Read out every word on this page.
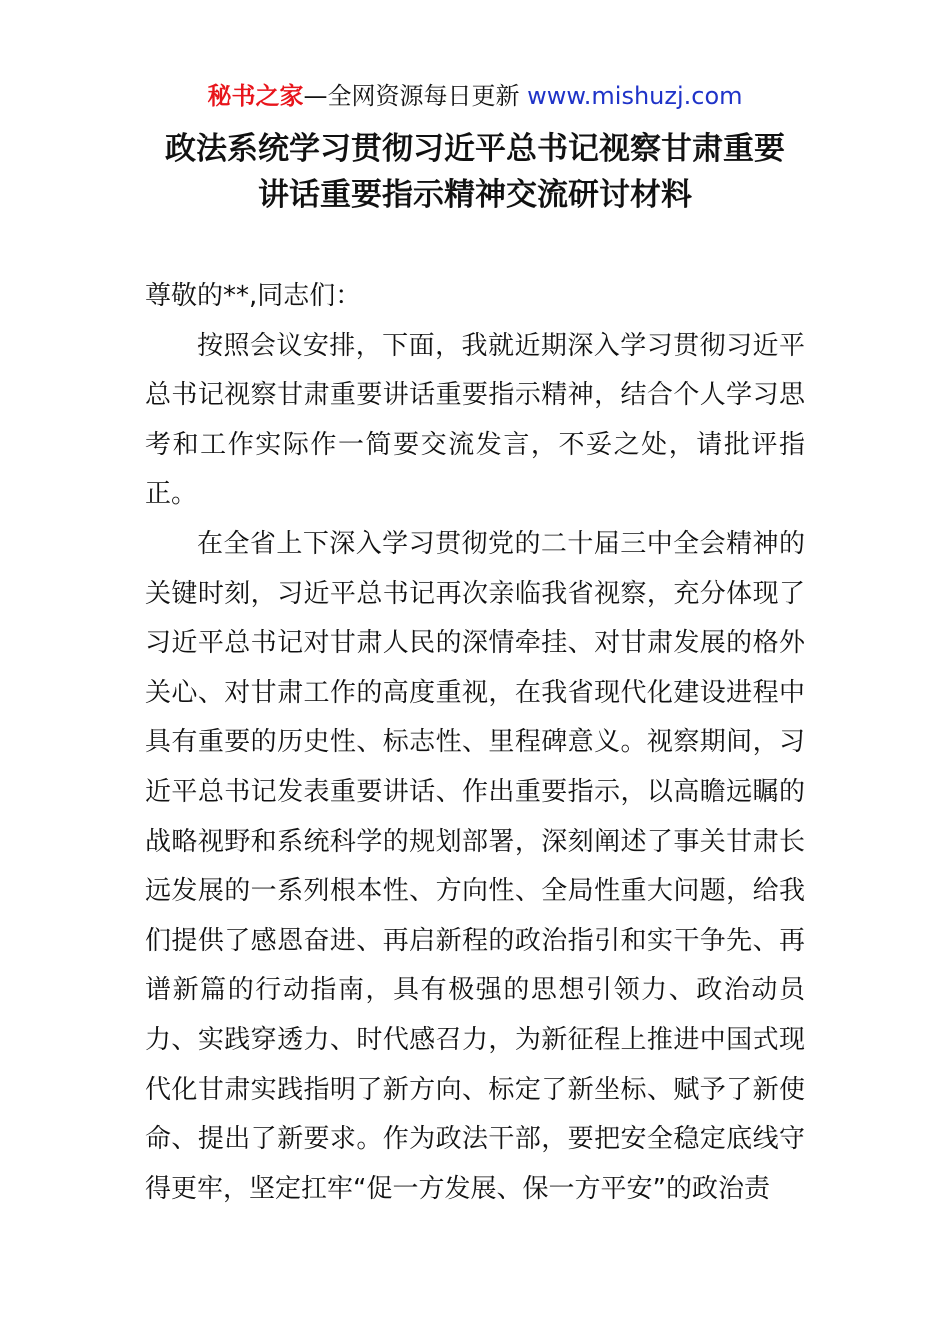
秘书之家—全网资源每日更新 www.mishuzj.com
政法系统学习贯彻习近平总书记视察甘肃重要
讲话重要指示精神交流研讨材料

尊敬的**,同志们：

按照会议安排，下面，我就近期深入学习贯彻习近平总书记视察甘肃重要讲话重要指示精神，结合个人学习思考和工作实际作一简要交流发言，不妥之处，请批评指正。

在全省上下深入学习贯彻党的二十届三中全会精神的关键时刻，习近平总书记再次亲临我省视察，充分体现了习近平总书记对甘肃人民的深情牵挂、对甘肃发展的格外关心、对甘肃工作的高度重视，在我省现代化建设进程中具有重要的历史性、标志性、里程碑意义。视察期间，习近平总书记发表重要讲话、作出重要指示，以高瞻远瞩的战略视野和系统科学的规划部署，深刻阐述了事关甘肃长远发展的一系列根本性、方向性、全局性重大问题，给我们提供了感恩奋进、再启新程的政治指引和实干争先、再谱新篇的行动指南，具有极强的思想引领力、政治动员力、实践穿透力、时代感召力，为新征程上推进中国式现代化甘肃实践指明了新方向、标定了新坐标、赋予了新使命、提出了新要求。作为政法干部，要把安全稳定底线守得更牢，坚定扛牢“促一方发展、保一方平安”的政治责
